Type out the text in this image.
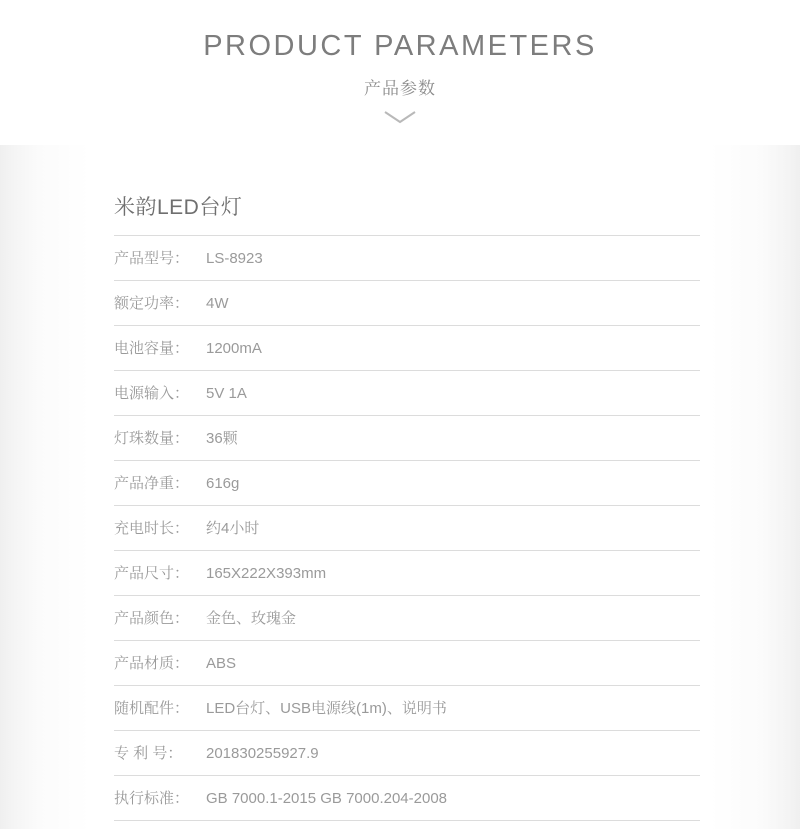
PRODUCT PARAMETERS
产品参数
米韵LED台灯
产品型号： LS-8923
额定功率： 4W
电池容量： 1200mA
电源输入： 5V 1A
灯珠数量： 36颗
产品净重： 616g
充电时长： 约4小时
产品尺寸： 165X222X393mm
产品颜色： 金色、玫瑰金
产品材质： ABS
随机配件： LED台灯、USB电源线(1m)、说明书
专 利 号： 201830255927.9
执行标准： GB 7000.1-2015 GB 7000.204-2008
